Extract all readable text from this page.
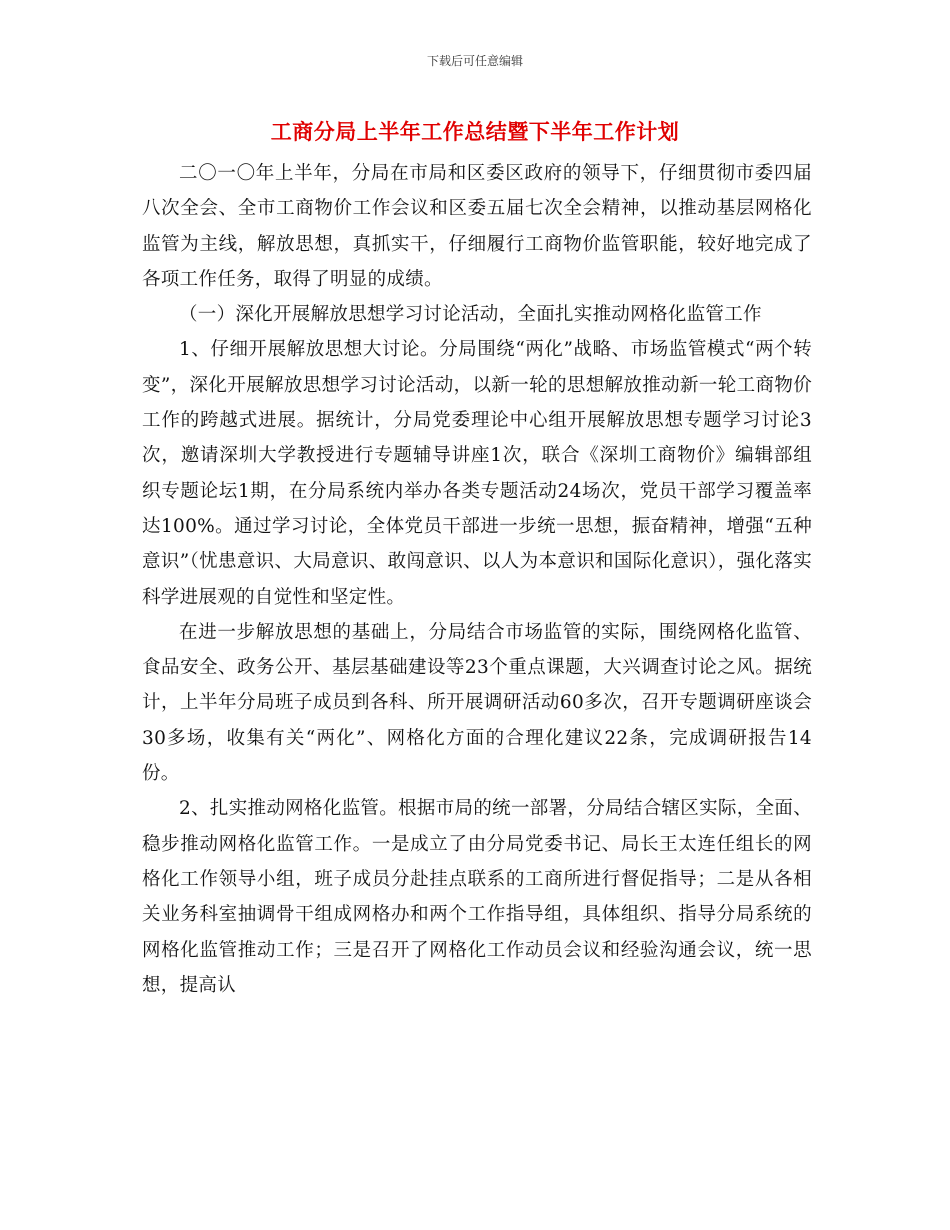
下载后可任意编辑
工商分局上半年工作总结暨下半年工作计划

二〇一〇年上半年，分局在市局和区委区政府的领导下，仔细贯彻市委四届八次全会、全市工商物价工作会议和区委五届七次全会精神，以推动基层网格化监管为主线，解放思想，真抓实干，仔细履行工商物价监管职能，较好地完成了各项工作任务，取得了明显的成绩。

（一）深化开展解放思想学习讨论活动，全面扎实推动网格化监管工作

1、仔细开展解放思想大讨论。分局围绕“两化”战略、市场监管模式“两个转变”，深化开展解放思想学习讨论活动，以新一轮的思想解放推动新一轮工商物价工作的跨越式进展。据统计，分局党委理论中心组开展解放思想专题学习讨论3次，邀请深圳大学教授进行专题辅导讲座1次，联合《深圳工商物价》编辑部组织专题论坛1期，在分局系统内举办各类专题活动24场次，党员干部学习覆盖率达100%。通过学习讨论，全体党员干部进一步统一思想，振奋精神，增强“五种意识”（忧患意识、大局意识、敢闯意识、以人为本意识和国际化意识），强化落实科学进展观的自觉性和坚定性。

在进一步解放思想的基础上，分局结合市场监管的实际，围绕网格化监管、食品安全、政务公开、基层基础建设等23个重点课题，大兴调查讨论之风。据统计，上半年分局班子成员到各科、所开展调研活动60多次，召开专题调研座谈会30多场，收集有关“两化”、网格化方面的合理化建议22条，完成调研报告14份。

2、扎实推动网格化监管。根据市局的统一部署，分局结合辖区实际，全面、稳步推动网格化监管工作。一是成立了由分局党委书记、局长王太连任组长的网格化工作领导小组，班子成员分赴挂点联系的工商所进行督促指导；二是从各相关业务科室抽调骨干组成网格办和两个工作指导组，具体组织、指导分局系统的网格化监管推动工作；三是召开了网格化工作动员会议和经验沟通会议，统一思想，提高认
